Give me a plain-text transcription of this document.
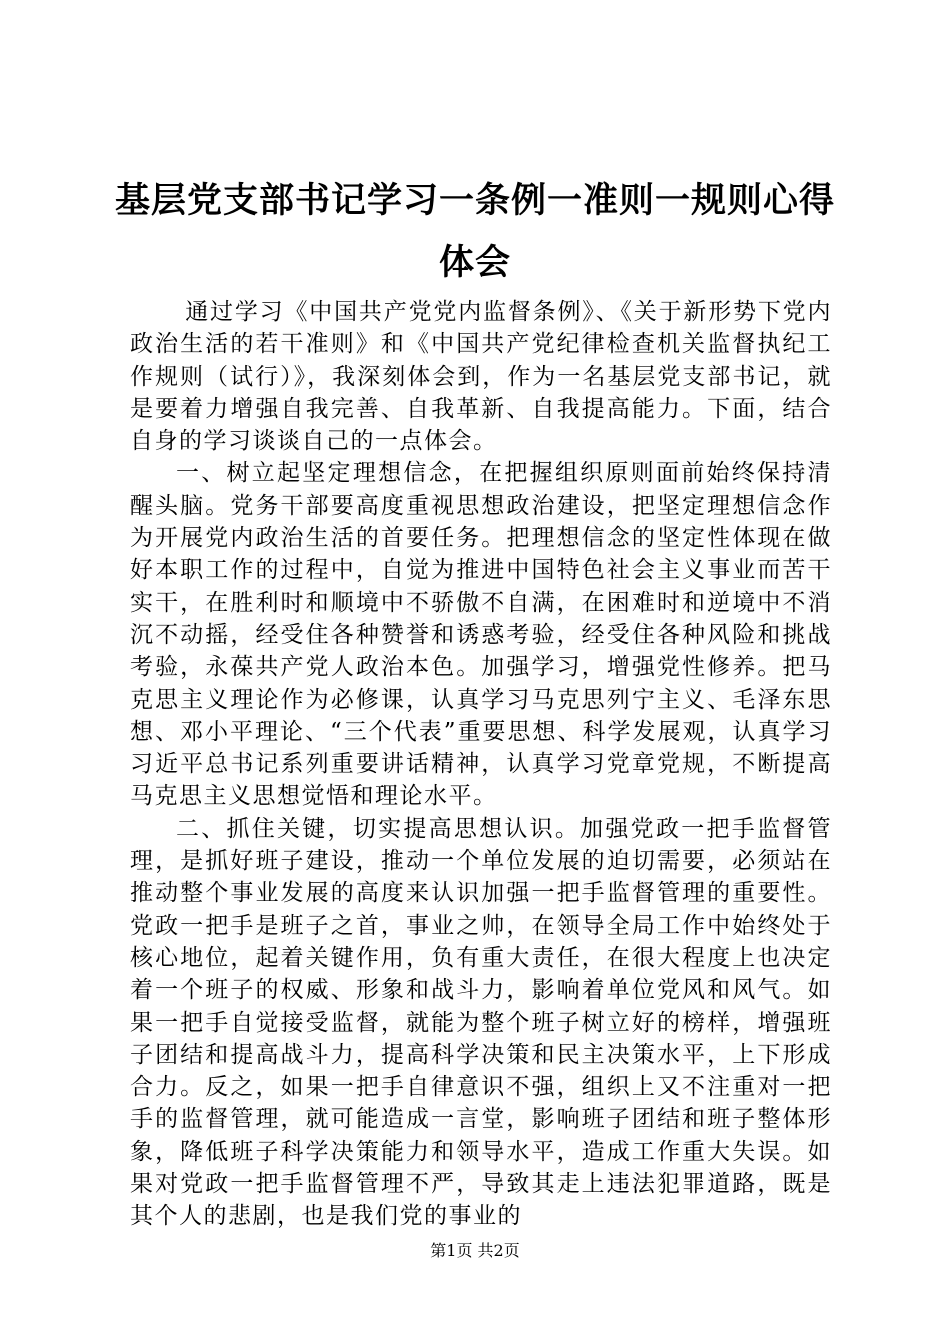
基层党支部书记学习一条例一准则一规则心得体会

通过学习《中国共产党党内监督条例》、《关于新形势下党内政治生活的若干准则》和《中国共产党纪律检查机关监督执纪工作规则（试行）》，我深刻体会到，作为一名基层党支部书记，就是要着力增强自我完善、自我革新、自我提高能力。下面，结合自身的学习谈谈自己的一点体会。

一、树立起坚定理想信念，在把握组织原则面前始终保持清醒头脑。党务干部要高度重视思想政治建设，把坚定理想信念作为开展党内政治生活的首要任务。把理想信念的坚定性体现在做好本职工作的过程中，自觉为推进中国特色社会主义事业而苦干实干，在胜利时和顺境中不骄傲不自满，在困难时和逆境中不消沉不动摇，经受住各种赞誉和诱惑考验，经受住各种风险和挑战考验，永葆共产党人政治本色。加强学习，增强党性修养。把马克思主义理论作为必修课，认真学习马克思列宁主义、毛泽东思想、邓小平理论、“三个代表”重要思想、科学发展观，认真学习习近平总书记系列重要讲话精神，认真学习党章党规，不断提高马克思主义思想觉悟和理论水平。

二、抓住关键，切实提高思想认识。加强党政一把手监督管理，是抓好班子建设，推动一个单位发展的迫切需要，必须站在推动整个事业发展的高度来认识加强一把手监督管理的重要性。党政一把手是班子之首，事业之帅，在领导全局工作中始终处于核心地位，起着关键作用，负有重大责任，在很大程度上也决定着一个班子的权威、形象和战斗力，影响着单位党风和风气。如果一把手自觉接受监督，就能为整个班子树立好的榜样，增强班子团结和提高战斗力，提高科学决策和民主决策水平，上下形成合力。反之，如果一把手自律意识不强，组织上又不注重对一把手的监督管理，就可能造成一言堂，影响班子团结和班子整体形象，降低班子科学决策能力和领导水平，造成工作重大失误。如果对党政一把手监督管理不严，导致其走上违法犯罪道路，既是其个人的悲剧，也是我们党的事业的

第1页 共2页
